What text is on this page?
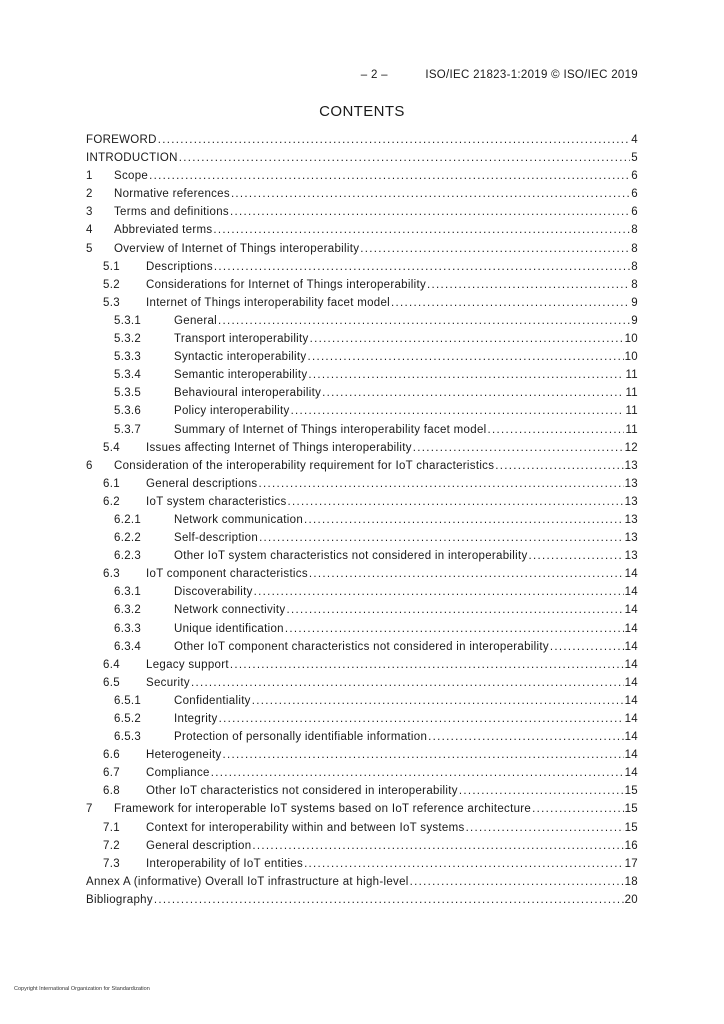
– 2 –	ISO/IEC 21823-1:2019 © ISO/IEC 2019
CONTENTS
FOREWORD .....	4
INTRODUCTION .....	5
1	Scope .....	6
2	Normative references .....	6
3	Terms and definitions .....	6
4	Abbreviated terms .....	8
5	Overview of Internet of Things interoperability .....	8
5.1	Descriptions .....	8
5.2	Considerations for Internet of Things interoperability .....	8
5.3	Internet of Things interoperability facet model .....	9
5.3.1	General .....	9
5.3.2	Transport interoperability .....	10
5.3.3	Syntactic interoperability .....	10
5.3.4	Semantic interoperability .....	11
5.3.5	Behavioural interoperability .....	11
5.3.6	Policy interoperability .....	11
5.3.7	Summary of Internet of Things interoperability facet model .....	11
5.4	Issues affecting Internet of Things interoperability .....	12
6	Consideration of the interoperability requirement for IoT characteristics .....	13
6.1	General descriptions .....	13
6.2	IoT system characteristics .....	13
6.2.1	Network communication .....	13
6.2.2	Self-description .....	13
6.2.3	Other IoT system characteristics not considered in interoperability .....	13
6.3	IoT component characteristics .....	14
6.3.1	Discoverability .....	14
6.3.2	Network connectivity .....	14
6.3.3	Unique identification .....	14
6.3.4	Other IoT component characteristics not considered in interoperability .....	14
6.4	Legacy support .....	14
6.5	Security .....	14
6.5.1	Confidentiality .....	14
6.5.2	Integrity .....	14
6.5.3	Protection of personally identifiable information .....	14
6.6	Heterogeneity .....	14
6.7	Compliance .....	14
6.8	Other IoT characteristics not considered in interoperability .....	15
7	Framework for interoperable IoT systems based on IoT reference architecture .....	15
7.1	Context for interoperability within and between IoT systems .....	15
7.2	General description .....	16
7.3	Interoperability of IoT entities .....	17
Annex A (informative) Overall IoT infrastructure at high-level .....	18
Bibliography .....	20
Copyright International Organization for Standardization
